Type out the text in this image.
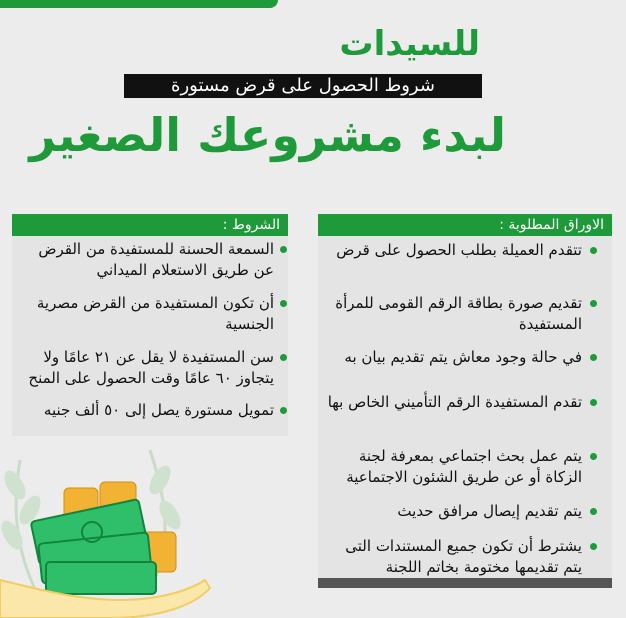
للسيدات
شروط الحصول على قرض مستورة
لبدء مشروعك الصغير
الشروط :
السمعة الحسنة للمستفيدة من القرض عن طريق الاستعلام الميداني
أن تكون المستفيدة من القرض مصرية الجنسية
سن المستفيدة لا يقل عن ٢١ عامًا ولا يتجاوز ٦٠ عامًا وقت الحصول على المنح
تمويل مستورة يصل إلى ٥٠ ألف جنيه
الاوراق المطلوبة :
تتقدم العميلة بطلب الحصول على قرض
تقديم صورة بطاقة الرقم القومى للمرأة المستفيدة
في حالة وجود معاش يتم تقديم بيان به
تقدم المستفيدة الرقم التأميني الخاص بها
يتم عمل بحث اجتماعي بمعرفة لجنة الزكاة أو عن طريق الشئون الاجتماعية
يتم تقديم إيصال مرافق حديث
يشترط أن تكون جميع المستندات التى يتم تقديمها مختومة بخاتم اللجنة
